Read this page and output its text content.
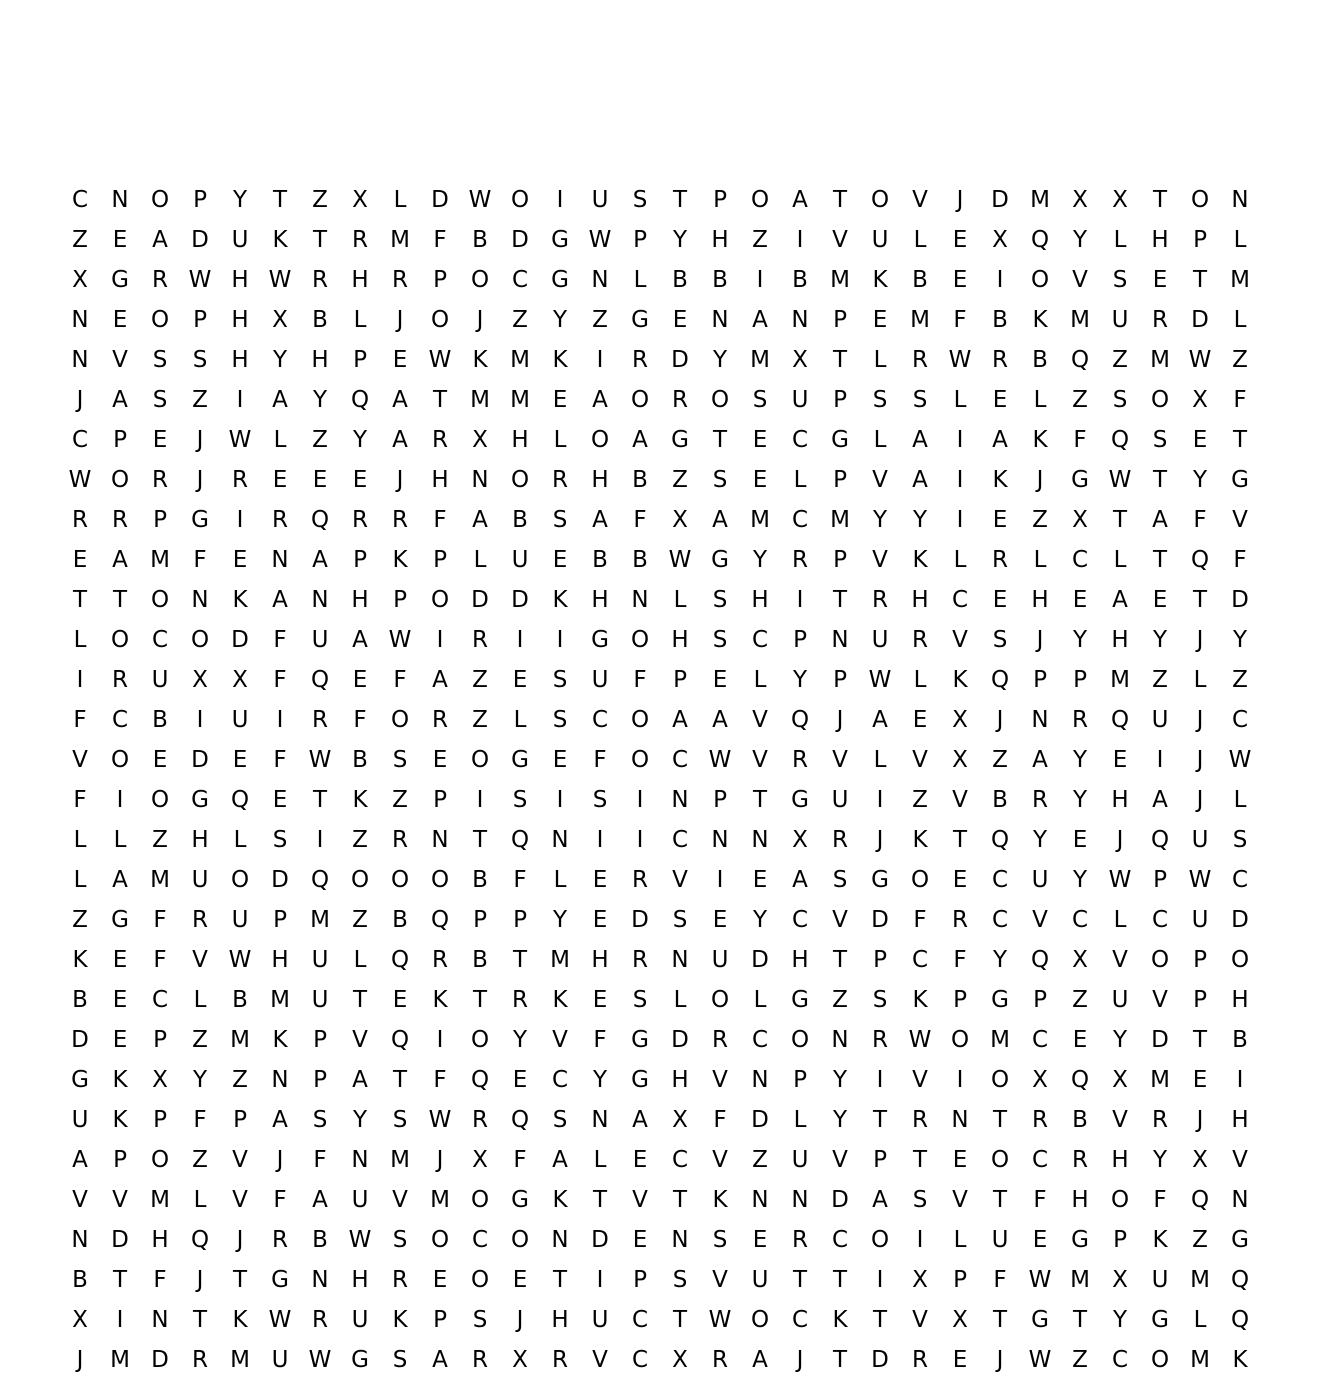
C	N O	P	Y	T	Z	X	L	D W O	I	U	S	T	P	O	A	T	O	V	J	D M X	X	T	O N
Z	E	A	D U	K	T	R M	F	B	D G W P	Y	H	Z	I	V	U	L	E	X	Q	Y	L	H	P	L
X	G	R W H W R	H	R	P	O C	G N	L	B	B	I	B M K	B	E	I	O	V	S	E	T	M
N	E	O	P	H	X	B	L	J	O	J	Z	Y	Z	G	E	N	A	N	P	E M	F	B	K M U	R	D	L
N	V	S	S	H	Y	H	P	E W K M K	I	R	D	Y	M X	T	L	R W R	B	Q	Z M W Z
J	A	S	Z	I	A	Y	Q	A	T	M M E	A	O R O	S	U	P	S	S	L	E	L	Z	S	O	X	F
C	P	E	J	W L	Z	Y	A	R	X	H	L	O	A	G	T	E	C	G	L	A	I	A	K	F	Q	S	E	T
W O R	J	R	E	E	E	J	H N O R	H	B	Z	S	E	L	P	V	A	I	K	J	G W T	Y	G
R	R	P	G	I	R Q R	R	F	A	B	S	A	F	X	A M C M	Y	Y	I	E	Z	X	T	A	F	V
E	A M	F	E	N	A	P	K	P	L	U	E	B	B W G	Y	R	P	V	K	L	R	L	C	L	T	Q	F
T	T	O N	K	A	N H	P	O D D	K	H N	L	S	H	I	T	R	H	C	E	H	E	A	E	T	D
L	O C O D	F	U	A W	I	R	I	I	G O H	S	C	P	N U	R	V	S	J	Y	H	Y	J	Y
I	R	U	X	X	F	Q	E	F	A	Z	E	S	U	F	P	E	L	Y	P W L	K	Q	P	P	M Z	L	Z
F	C	B	I	U	I	R	F	O R	Z	L	S	C O	A	A	V	Q	J	A	E	X	J	N	R Q U	J	C
V	O	E	D	E	F W B	S	E	O G	E	F	O C W V	R	V	L	V	X	Z	A	Y	E	I	J	W
F	I	O G Q	E	T	K	Z	P	I	S	I	S	I	N	P	T	G U	I	Z	V	B	R	Y	H	A	J	L
L	L	Z	H	L	S	I	Z	R	N	T	Q N	I	I	C	N N	X	R	J	K	T	Q	Y	E	J	Q U	S
L	A M U O D Q O O O	B	F	L	E	R	V	I	E	A	S	G O	E	C	U	Y W P W C
Z	G	F	R	U	P	M Z	B	Q	P	P	Y	E	D	S	E	Y	C	V	D	F	R	C	V	C	L	C	U D
K	E	F	V W H U	L	Q R	B	T	M H	R	N U D H	T	P	C	F	Y	Q	X	V	O	P	O
B	E	C	L	B M U	T	E	K	T	R	K	E	S	L	O	L	G	Z	S	K	P	G	P	Z	U	V	P	H
D	E	P	Z M K	P	V	Q	I	O	Y	V	F	G D	R	C O N	R W O M C	E	Y	D	T	B
G	K	X	Y	Z	N	P	A	T	F	Q	E	C	Y	G H	V	N	P	Y	I	V	I	O	X	Q	X M E	I
U	K	P	F	P	A	S	Y	S W R Q	S	N	A	X	F	D	L	Y	T	R	N	T	R	B	V	R	J	H
A	P	O	Z	V	J	F	N M	J	X	F	A	L	E	C	V	Z	U	V	P	T	E	O C	R	H	Y	X	V
V	V M	L	V	F	A	U	V M O G	K	T	V	T	K	N N D	A	S	V	T	F	H O	F	Q N
N D H Q	J	R	B W S	O C O N D	E	N	S	E	R	C O	I	L	U	E	G	P	K	Z	G
B	T	F	J	T	G N H	R	E	O	E	T	I	P	S	V	U	T	T	I	X	P	F W M X	U M Q
X	I	N	T	K W R	U	K	P	S	J	H U	C	T W O C	K	T	V	X	T	G	T	Y	G	L	Q
J	M D	R M U W G	S	A	R	X	R	V	C	X	R	A	J	T	D	R	E	J	W Z	C O M K
